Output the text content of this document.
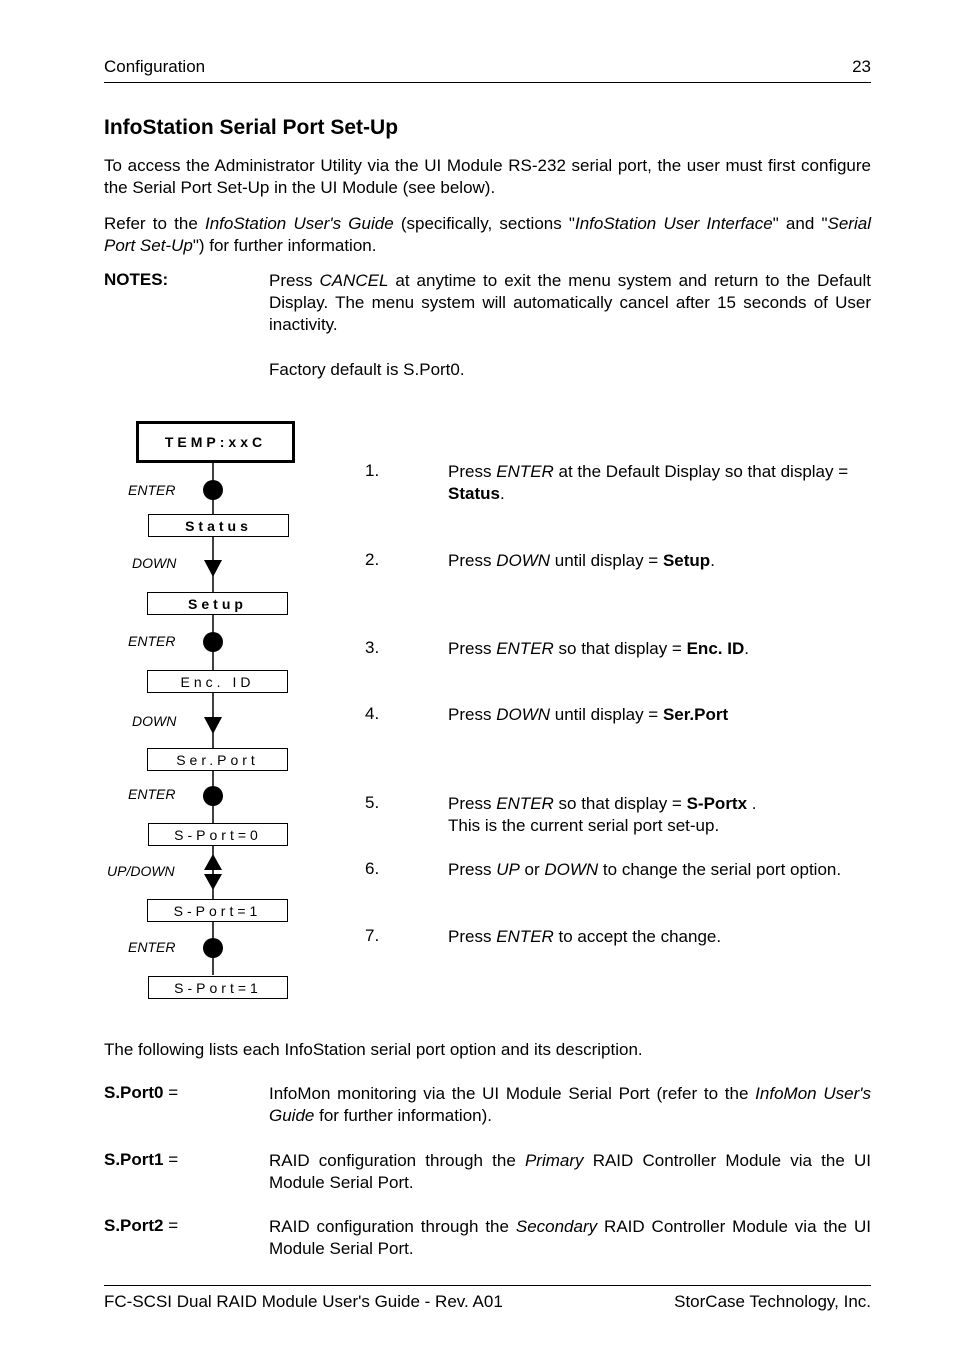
Configuration	23
InfoStation Serial Port Set-Up
To access the Administrator Utility via the UI Module RS-232 serial port, the user must first configure the Serial Port Set-Up in the UI Module (see below).
Refer to the InfoStation User's Guide (specifically, sections "InfoStation User Interface" and "Serial Port Set-Up") for further information.
NOTES:	Press CANCEL at anytime to exit the menu system and return to the Default Display. The menu system will automatically cancel after 15 seconds of User inactivity.
Factory default is S.Port0.
TEMP:xxC
ENTER
Status
DOWN
Setup
ENTER
Enc. ID
DOWN
Ser.Port
ENTER
S-Port=0
UP/DOWN
S-Port=1
ENTER
S-Port=1
1.	Press ENTER at the Default Display so that display = Status.
2.	Press DOWN until display = Setup.
3.	Press ENTER so that display = Enc. ID.
4.	Press DOWN until display = Ser.Port
5.	Press ENTER so that display = S-Portx .
This is the current serial port set-up.
6.	Press UP or DOWN to change the serial port option.
7.	Press ENTER to accept the change.
The following lists each InfoStation serial port option and its description.
S.Port0 =	InfoMon monitoring via the UI Module Serial Port (refer to the InfoMon User's Guide for further information).
S.Port1 =	RAID configuration through the Primary RAID Controller Module via the UI Module Serial Port.
S.Port2 =	RAID configuration through the Secondary RAID Controller Module via the UI Module Serial Port.
FC-SCSI Dual RAID Module User's Guide - Rev. A01	StorCase Technology, Inc.
